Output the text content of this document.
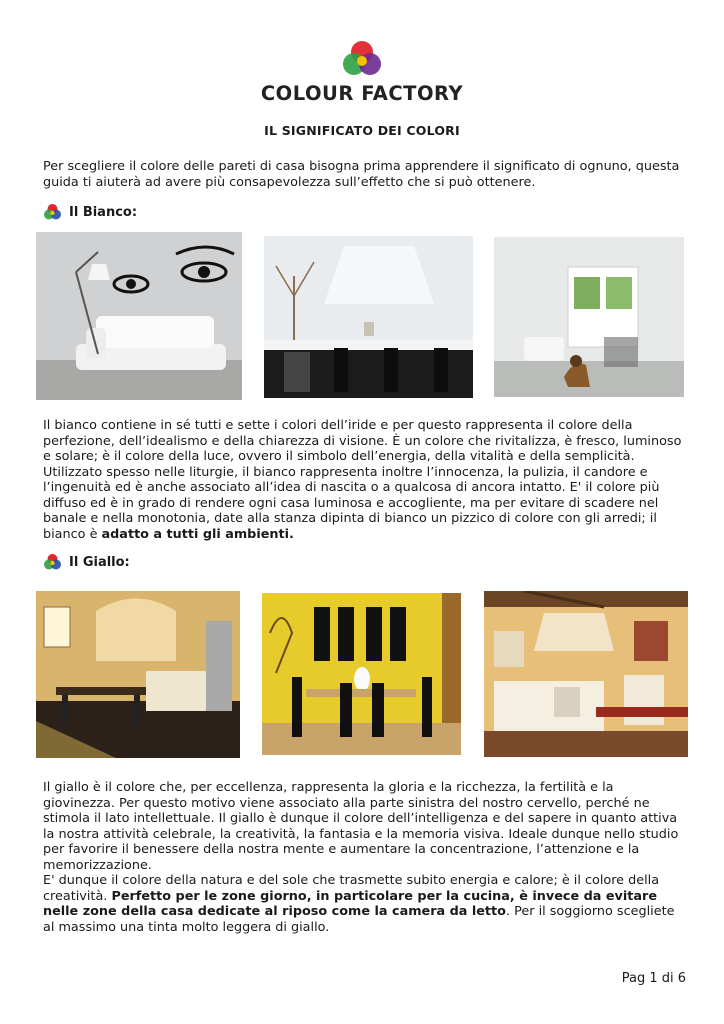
COLOUR FACTORY
IL SIGNIFICATO DEI COLORI

Per scegliere il colore delle pareti di casa bisogna prima apprendere il significato di ognuno, questa guida ti aiuterà ad avere più consapevolezza sull’effetto che si può ottenere.

Il Bianco:

Il bianco contiene in sé tutti e sette i colori dell’iride e per questo rappresenta il colore della perfezione, dell’idealismo e della chiarezza di visione. È un colore che rivitalizza, è fresco, luminoso e solare; è il colore della luce, ovvero il simbolo dell’energia, della vitalità e della semplicità. Utilizzato spesso nelle liturgie, il bianco rappresenta inoltre l’innocenza, la pulizia, il candore e l’ingenuità ed è anche associato all’idea di nascita o a qualcosa di ancora intatto. E' il colore più diffuso ed è in grado di rendere ogni casa luminosa e accogliente, ma per evitare di scadere nel banale e nella monotonia, date alla stanza dipinta di bianco un pizzico di colore con gli arredi; il bianco è adatto a tutti gli ambienti.

Il Giallo:
Il giallo è il colore che, per eccellenza, rappresenta la gloria e la ricchezza, la fertilità e la giovinezza. Per questo motivo viene associato alla parte sinistra del nostro cervello, perché ne stimola il lato intellettuale. Il giallo è dunque il colore dell’intelligenza e del sapere in quanto attiva la nostra attività celebrale, la creatività, la fantasia e la memoria visiva. Ideale dunque nello studio per favorire il benessere della nostra mente e aumentare la concentrazione, l’attenzione e la memorizzazione.
E' dunque il colore della natura e del sole che trasmette subito energia e calore; è il colore della creatività. Perfetto per le zone giorno, in particolare per la cucina, è invece da evitare nelle zone della casa dedicate al riposo come la camera da letto. Per il soggiorno scegliete al massimo una tinta molto leggera di giallo.
Pag 1 di 6
